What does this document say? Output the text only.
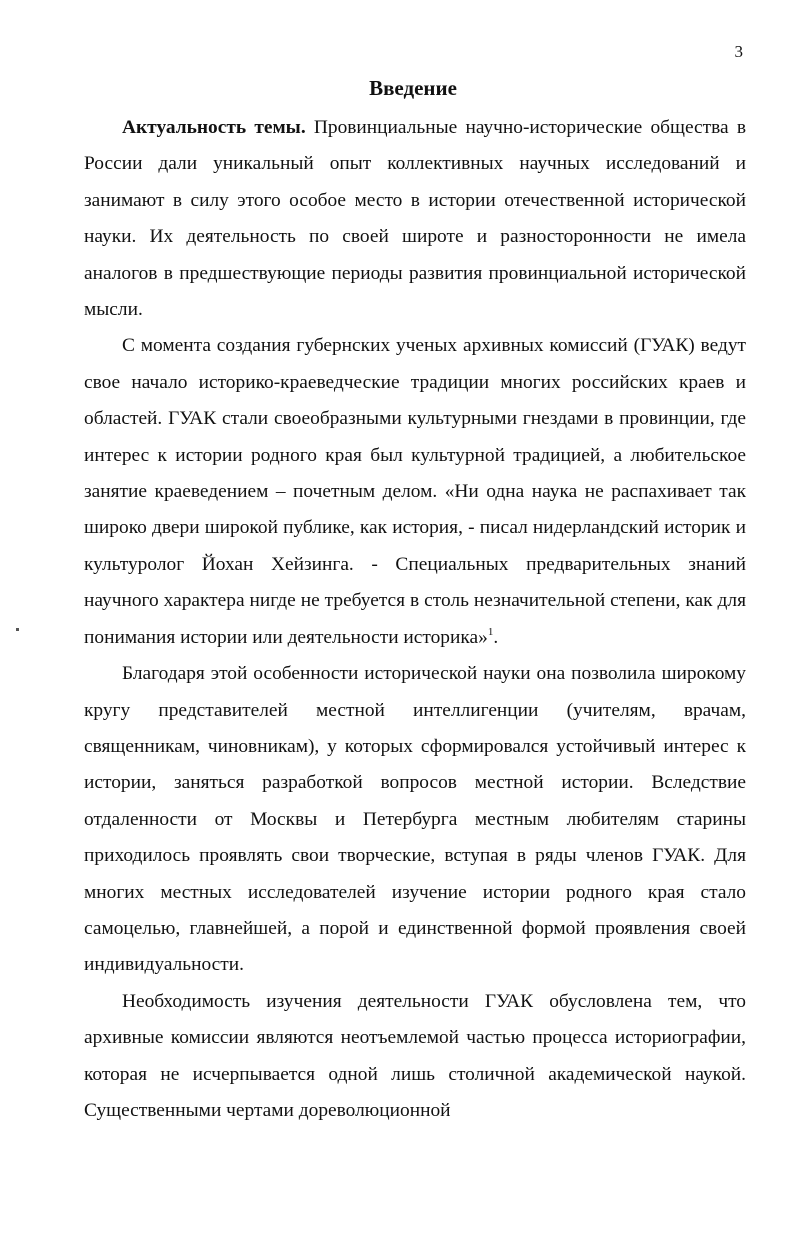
3
Введение

Актуальность темы. Провинциальные научно-исторические общества в России дали уникальный опыт коллективных научных исследований и занимают в силу этого особое место в истории отечественной исторической науки. Их деятельность по своей широте и разносторонности не имела аналогов в предшествующие периоды развития провинциальной исторической мысли.

С момента создания губернских ученых архивных комиссий (ГУАК) ведут свое начало историко-краеведческие традиции многих российских краев и областей. ГУАК стали своеобразными культурными гнездами в провинции, где интерес к истории родного края был культурной традицией, а любительское занятие краеведением – почетным делом. «Ни одна наука не распахивает так широко двери широкой публике, как история, - писал нидерландский историк и культуролог Йохан Хейзинга. - Специальных предварительных знаний научного характера нигде не требуется в столь незначительной степени, как для понимания истории или деятельности историка»$^1$.

Благодаря этой особенности исторической науки она позволила широкому кругу представителей местной интеллигенции (учителям, врачам, священникам, чиновникам), у которых сформировался устойчивый интерес к истории, заняться разработкой вопросов местной истории. Вследствие отдаленности от Москвы и Петербурга местным любителям старины приходилось проявлять свои творческие, вступая в ряды членов ГУАК. Для многих местных исследователей изучение истории родного края стало самоцелью, главнейшей, а порой и единственной формой проявления своей индивидуальности.

Необходимость изучения деятельности ГУАК обусловлена тем, что архивные комиссии являются неотъемлемой частью процесса историографии, которая не исчерпывается одной лишь столичной академической наукой. Существенными чертами дореволюционной
